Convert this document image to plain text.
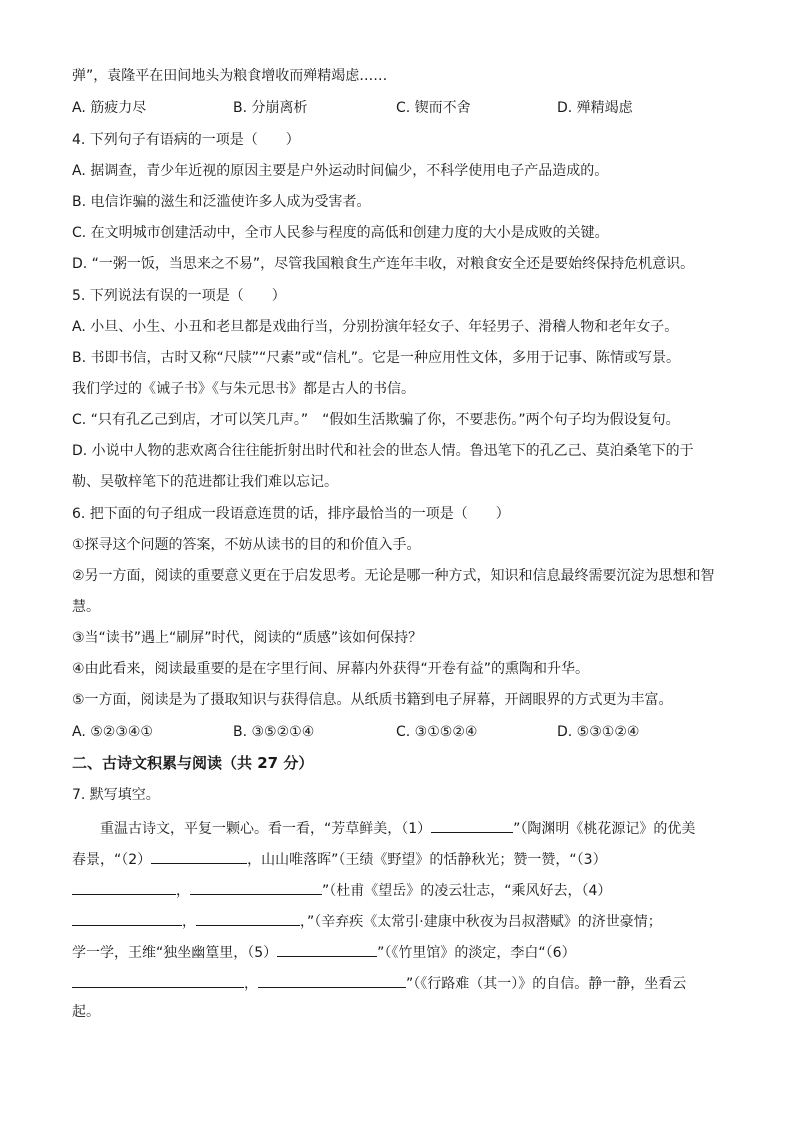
弹”，袁隆平在田间地头为粮食增收而殚精竭虑……
A. 筋疲力尽	B. 分崩离析	C. 锲而不舍	D. 殚精竭虑
4. 下列句子有语病的一项是（　　）
A. 据调查，青少年近视的原因主要是户外运动时间偏少，不科学使用电子产品造成的。
B. 电信诈骗的滋生和泛滥使许多人成为受害者。
C. 在文明城市创建活动中，全市人民参与程度的高低和创建力度的大小是成败的关键。
D. “一粥一饭，当思来之不易”，尽管我国粮食生产连年丰收，对粮食安全还是要始终保持危机意识。
5. 下列说法有误的一项是（　　）
A. 小旦、小生、小丑和老旦都是戏曲行当，分别扮演年轻女子、年轻男子、滑稽人物和老年女子。
B. 书即书信，古时又称“尺牍”“尺素”或“信札”。它是一种应用性文体，多用于记事、陈情或写景。
我们学过的《诫子书》《与朱元思书》都是古人的书信。
C. “只有孔乙己到店，才可以笑几声。”　“假如生活欺骗了你，不要悲伤。”两个句子均为假设复句。
D. 小说中人物的悲欢离合往往能折射出时代和社会的世态人情。鲁迅笔下的孔乙己、莫泊桑笔下的于
勒、吴敬梓笔下的范进都让我们难以忘记。
6. 把下面的句子组成一段语意连贯的话，排序最恰当的一项是（　　）
①探寻这个问题的答案，不妨从读书的目的和价值入手。
②另一方面，阅读的重要意义更在于启发思考。无论是哪一种方式，知识和信息最终需要沉淀为思想和智
慧。
③当“读书”遇上“刷屏”时代，阅读的“质感”该如何保持？
④由此看来，阅读最重要的是在字里行间、屏幕内外获得“开卷有益”的熏陶和升华。
⑤一方面，阅读是为了摄取知识与获得信息。从纸质书籍到电子屏幕，开阔眼界的方式更为丰富。
A. ⑤②③④①	B. ③⑤②①④	C. ③①⑤②④	D. ⑤③①②④
二、古诗文积累与阅读（共 27 分）
7. 默写填空。
重温古诗文，平复一颗心。看一看，“芳草鲜美，（1）	”（陶渊明《桃花源记》的优美
春景，“（2）	，山山唯落晖”（王绩《野望》的恬静秋光；赞一赞，“（3）
，	”（杜甫《望岳》的凌云壮志，“乘风好去，（4）
，	，”（辛弃疾《太常引·建康中秋夜为吕叔潜赋》的济世豪情；
学一学，王维“独坐幽篁里，（5）	”（《竹里馆》的淡定，李白“（6）
，	”（《行路难（其一）》的自信。静一静，坐看云
起。
